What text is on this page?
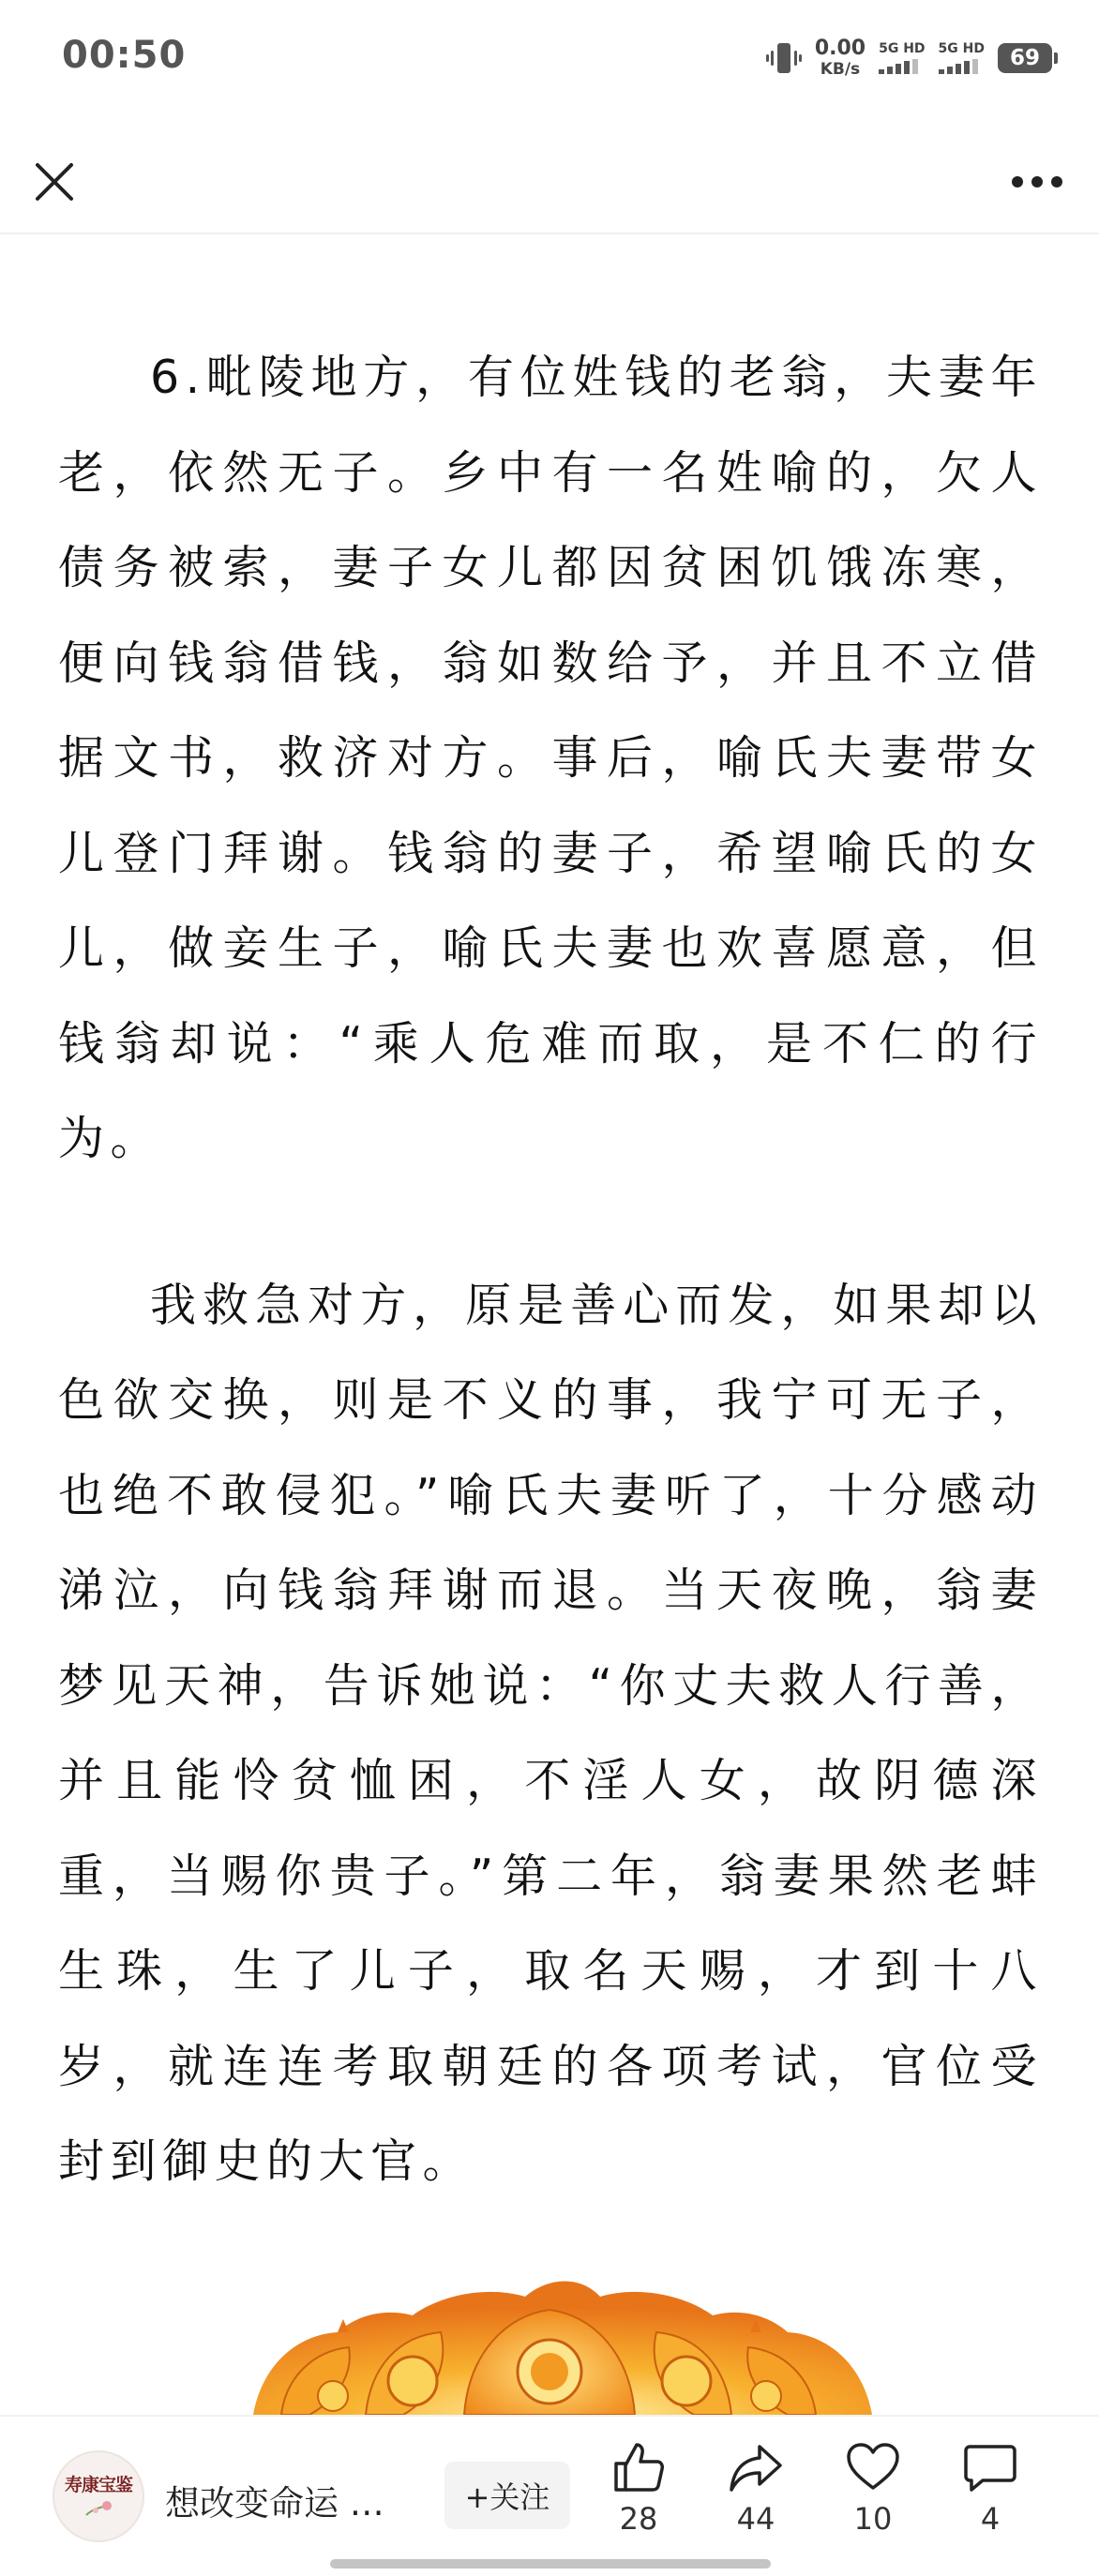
00:50	0.00
KB/s
5G HD 5G HD 69

6.毗陵地方，有位姓钱的老翁，夫妻年老，依然无子。乡中有一名姓喻的，欠人债务被索，妻子女儿都因贫困饥饿冻寒，便向钱翁借钱，翁如数给予，并且不立借据文书，救济对方。事后，喻氏夫妻带女儿登门拜谢。钱翁的妻子，希望喻氏的女儿，做妾生子，喻氏夫妻也欢喜愿意，但钱翁却说：“乘人危难而取，是不仁的行为。

我救急对方，原是善心而发，如果却以色欲交换，则是不义的事，我宁可无子，也绝不敢侵犯。”喻氏夫妻听了，十分感动涕泣，向钱翁拜谢而退。当天夜晚，翁妻梦见天神，告诉她说：“你丈夫救人行善，并且能怜贫恤困，不淫人女，故阴德深重，当赐你贵子。”第二年，翁妻果然老蚌生珠，生了儿子，取名天赐，才到十八岁，就连连考取朝廷的各项考试，官位受封到御史的大官。

寿康宝鉴 想改变命运 …	+关注
28	44	10	4
